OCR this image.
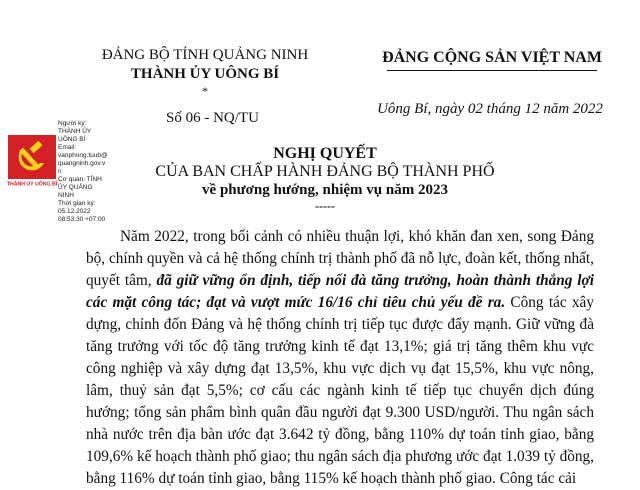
ĐẢNG BỘ TỈNH QUẢNG NINH
THÀNH ỦY UÔNG BÍ
*
Số 06 - NQ/TU
ĐẢNG CỘNG SẢN VIỆT NAM
Uông Bí, ngày 02 tháng 12 năm 2022
THÀNH ỦY UÔNG BÍ
Người ký:
THÀNH ỦY
UÔNG BÍ
Email:
vanphong.tuub@
quangninh.gov.v
n
Cơ quan: TỈNH
ỦY QUẢNG
NINH
Thời gian ký:
05.12.2022
08:53:30 +07:00
NGHỊ QUYẾT
CỦA BAN CHẤP HÀNH ĐẢNG BỘ THÀNH PHỐ
về phương hướng, nhiệm vụ năm 2023
-----

Năm 2022, trong bối cảnh có nhiều thuận lợi, khó khăn đan xen, song Đảng bộ, chính quyền và cả hệ thống chính trị thành phố đã nỗ lực, đoàn kết, thống nhất, quyết tâm, đã giữ vững ổn định, tiếp nối đà tăng trưởng, hoàn thành thắng lợi các mặt công tác; đạt và vượt mức 16/16 chỉ tiêu chủ yếu đề ra. Công tác xây dựng, chỉnh đốn Đảng và hệ thống chính trị tiếp tục được đẩy mạnh. Giữ vững đà tăng trưởng với tốc độ tăng trưởng kinh tế đạt 13,1%; giá trị tăng thêm khu vực công nghiệp và xây dựng đạt 13,5%, khu vực dịch vụ đạt 15,5%, khu vực nông, lâm, thuỷ sản đạt 5,5%; cơ cấu các ngành kinh tế tiếp tục chuyển dịch đúng hướng; tổng sản phẩm bình quân đầu người đạt 9.300 USD/người. Thu ngân sách nhà nước trên địa bàn ước đạt 3.642 tỷ đồng, bằng 110% dự toán tỉnh giao, bằng 109,6% kế hoạch thành phố giao; thu ngân sách địa phương ước đạt 1.039 tỷ đồng, bằng 116% dự toán tỉnh giao, bằng 115% kế hoạch thành phố giao. Công tác cải
